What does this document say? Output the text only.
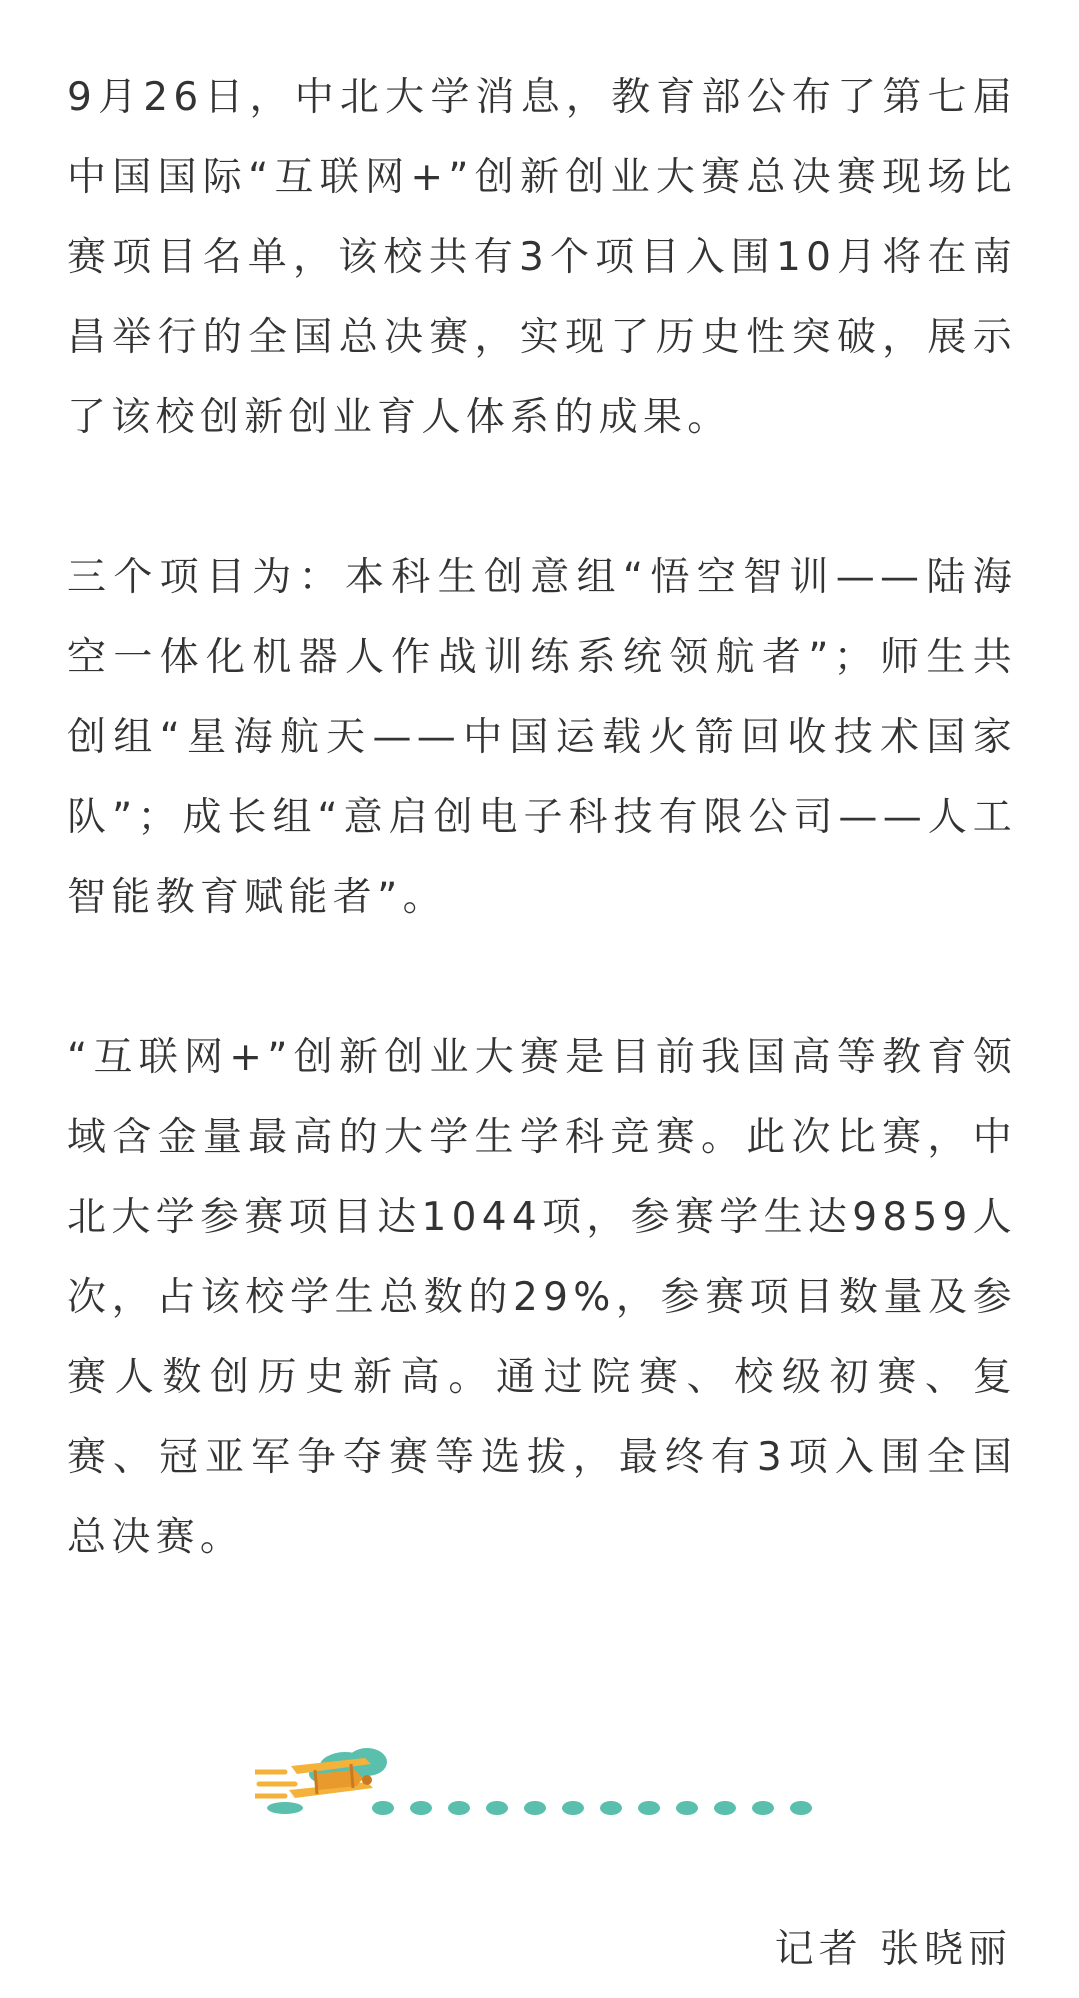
9月26日，中北大学消息，教育部公布了第七届中国国际“互联网+”创新创业大赛总决赛现场比赛项目名单，该校共有3个项目入围10月将在南昌举行的全国总决赛，实现了历史性突破，展示了该校创新创业育人体系的成果。

三个项目为：本科生创意组“悟空智训——陆海空一体化机器人作战训练系统领航者”；师生共创组“星海航天——中国运载火箭回收技术国家队”；成长组“意启创电子科技有限公司——人工智能教育赋能者”。

“互联网+”创新创业大赛是目前我国高等教育领域含金量最高的大学生学科竞赛。此次比赛，中北大学参赛项目达1044项，参赛学生达9859人次，占该校学生总数的29%，参赛项目数量及参赛人数创历史新高。通过院赛、校级初赛、复赛、冠亚军争夺赛等选拔，最终有3项入围全国总决赛。

记者 张晓丽
